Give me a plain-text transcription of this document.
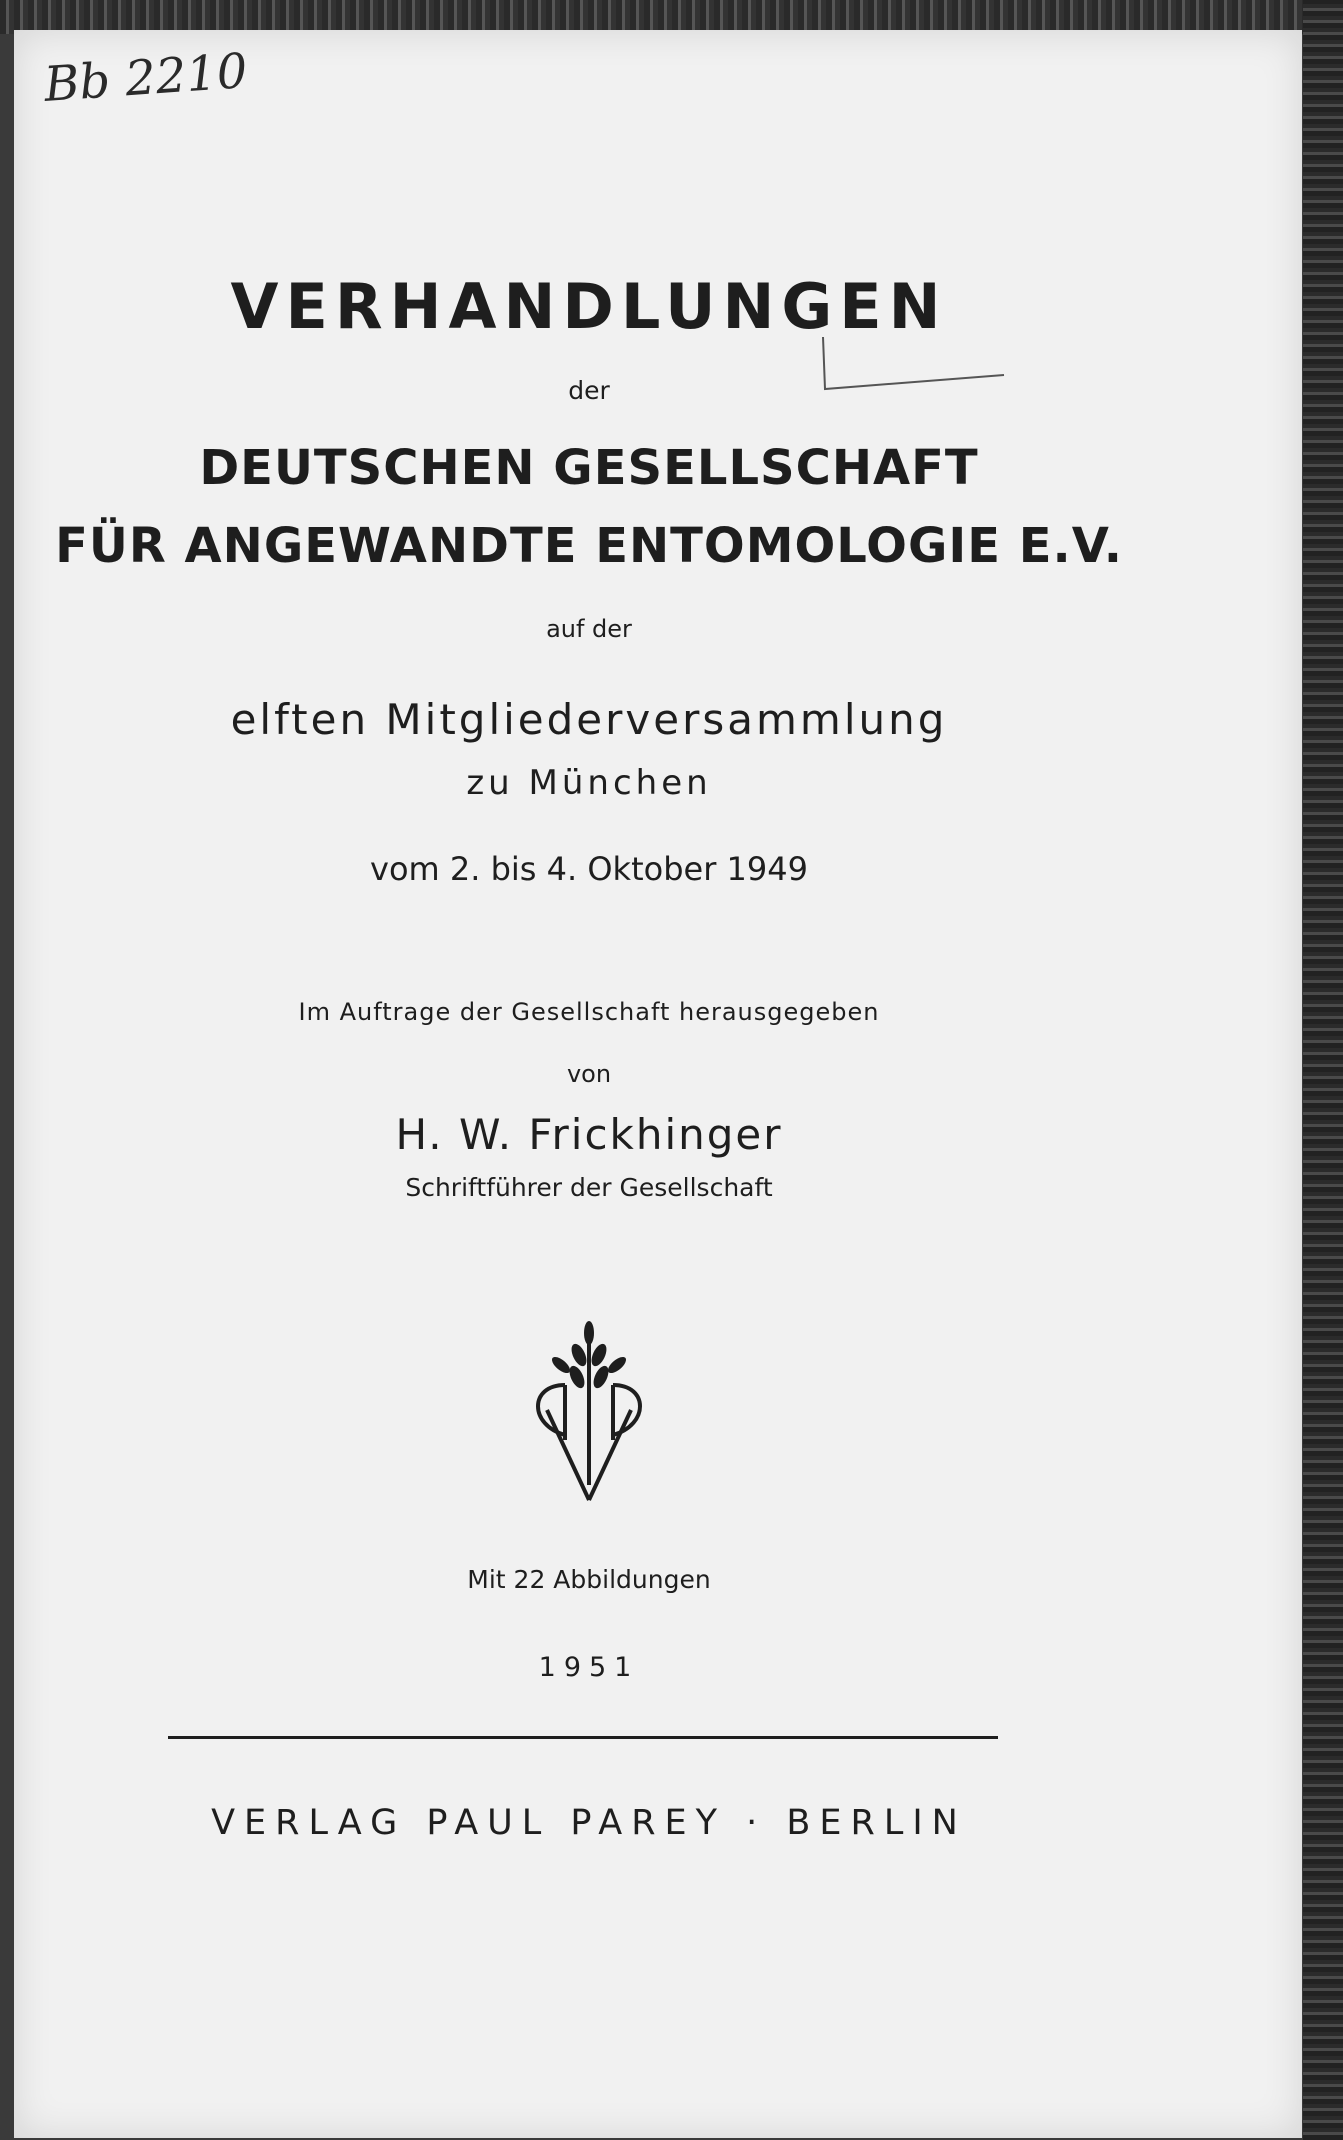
Bb 2210
VERHANDLUNGEN
der
DEUTSCHEN GESELLSCHAFT
FÜR ANGEWANDTE ENTOMOLOGIE E.V.
auf der
elften Mitgliederversammlung
zu München
vom 2. bis 4. Oktober 1949
Im Auftrage der Gesellschaft herausgegeben
von
H. W. Frickhinger
Schriftführer der Gesellschaft
Mit 22 Abbildungen
1951
VERLAG PAUL PAREY · BERLIN
